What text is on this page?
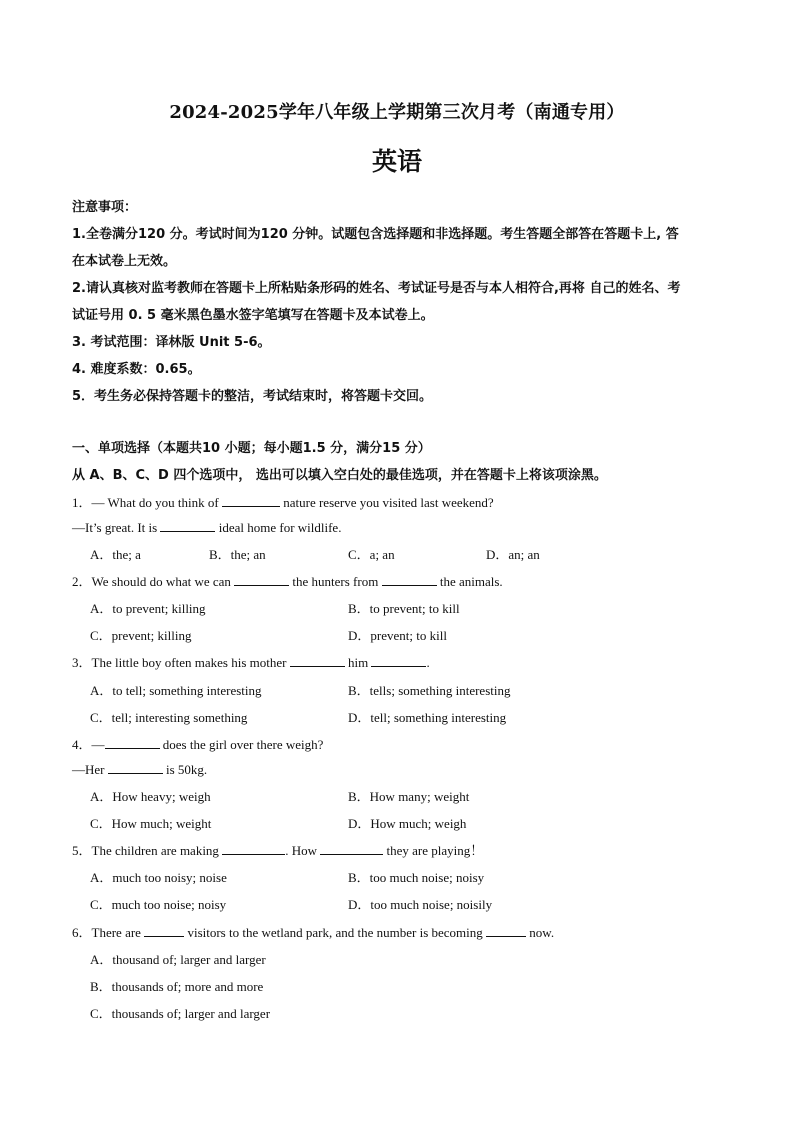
2024-2025学年八年级上学期第三次月考（南通专用）
英语
注意事项：
1.全卷满分120 分。考试时间为120 分钟。试题包含选择题和非选择题。考生答题全部答在答题卡上, 答
在本试卷上无效。
2.请认真核对监考教师在答题卡上所粘贴条形码的姓名、考试证号是否与本人相符合,再将 自己的姓名、考
试证号用 0. 5 毫米黑色墨水签字笔填写在答题卡及本试卷上。
3. 考试范围：译林版 Unit 5-6。
4. 难度系数：0.65。
5．考生务必保持答题卡的整洁，考试结束时，将答题卡交回。
一、单项选择（本题共10 小题；每小题1.5 分，满分15 分）
从 A、B、C、D 四个选项中， 选出可以填入空白处的最佳选项，并在答题卡上将该项涂黑。
1．— What do you think of	nature reserve you visited last weekend?
—It’s great. It is	ideal home for wildlife.
A．the; a	B．the; an	C．a; an	D．an; an
2．We should do what we can	the hunters from	the animals.
A．to prevent; killing	B．to prevent; to kill
C．prevent; killing	D．prevent; to kill
3．The little boy often makes his mother	him	.
A．to tell; something interesting	B．tells; something interesting
C．tell; interesting something	D．tell; something interesting
4．—	does the girl over there weigh?
—Her	is 50kg.
A．How heavy; weigh	B．How many; weight
C．How much; weight	D．How much; weigh
5．The children are making	. How	they are playing！
A．much too noisy; noise	B．too much noise; noisy
C．much too noise; noisy	D．too much noise; noisily
6．There are	visitors to the wetland park, and the number is becoming	now.
A．thousand of; larger and larger
B．thousands of; more and more
C．thousands of; larger and larger
